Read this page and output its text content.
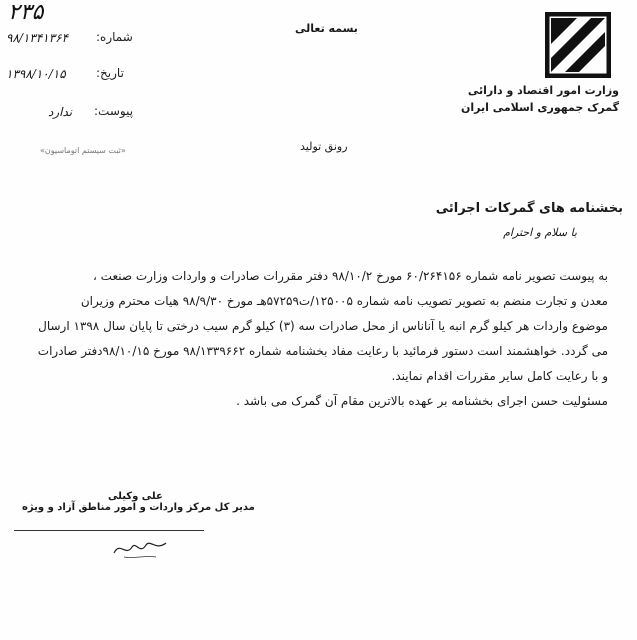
وزارت امور اقتصاد و دارائی
گمرک جمهوری اسلامی ایران
بسمه تعالی
۲۳۵
شماره:
۹۸/۱۳۴۱۳۶۴
تاریخ:
۱۳۹۸/۱۰/۱۵
پیوست:
ندارد
«ثبت سیستم اتوماسیون»	رونق تولید
بخشنامه های گمرکات اجرائی
با سلام و احترام
به پیوست تصویر نامه شماره ۶۰/۲۶۴۱۵۶ مورخ ۹۸/۱۰/۲ دفتر مقررات صادرات و واردات وزارت صنعت ،
معدن و تجارت منضم به تصویر تصویب نامه شماره ۱۲۵۰۰۵/ت۵۷۲۵۹هـ مورخ ۹۸/۹/۳۰ هیات محترم وزیران
موضوع واردات هر کیلو گرم انبه یا آناناس از محل صادرات سه (۳) کیلو گرم سیب درختی تا پایان سال ۱۳۹۸ ارسال
می گردد. خواهشمند است دستور فرمائید با رعایت مفاد بخشنامه شماره ۹۸/۱۳۳۹۶۶۲ مورخ ۹۸/۱۰/۱۵دفتر صادرات
و با رعایت کامل سایر مقررات اقدام نمایند.
مسئولیت حسن اجرای بخشنامه بر عهده بالاترین مقام آن گمرک می باشد .
علی وکیلی
مدیر کل مرکز واردات و امور مناطق آزاد و ویژه
